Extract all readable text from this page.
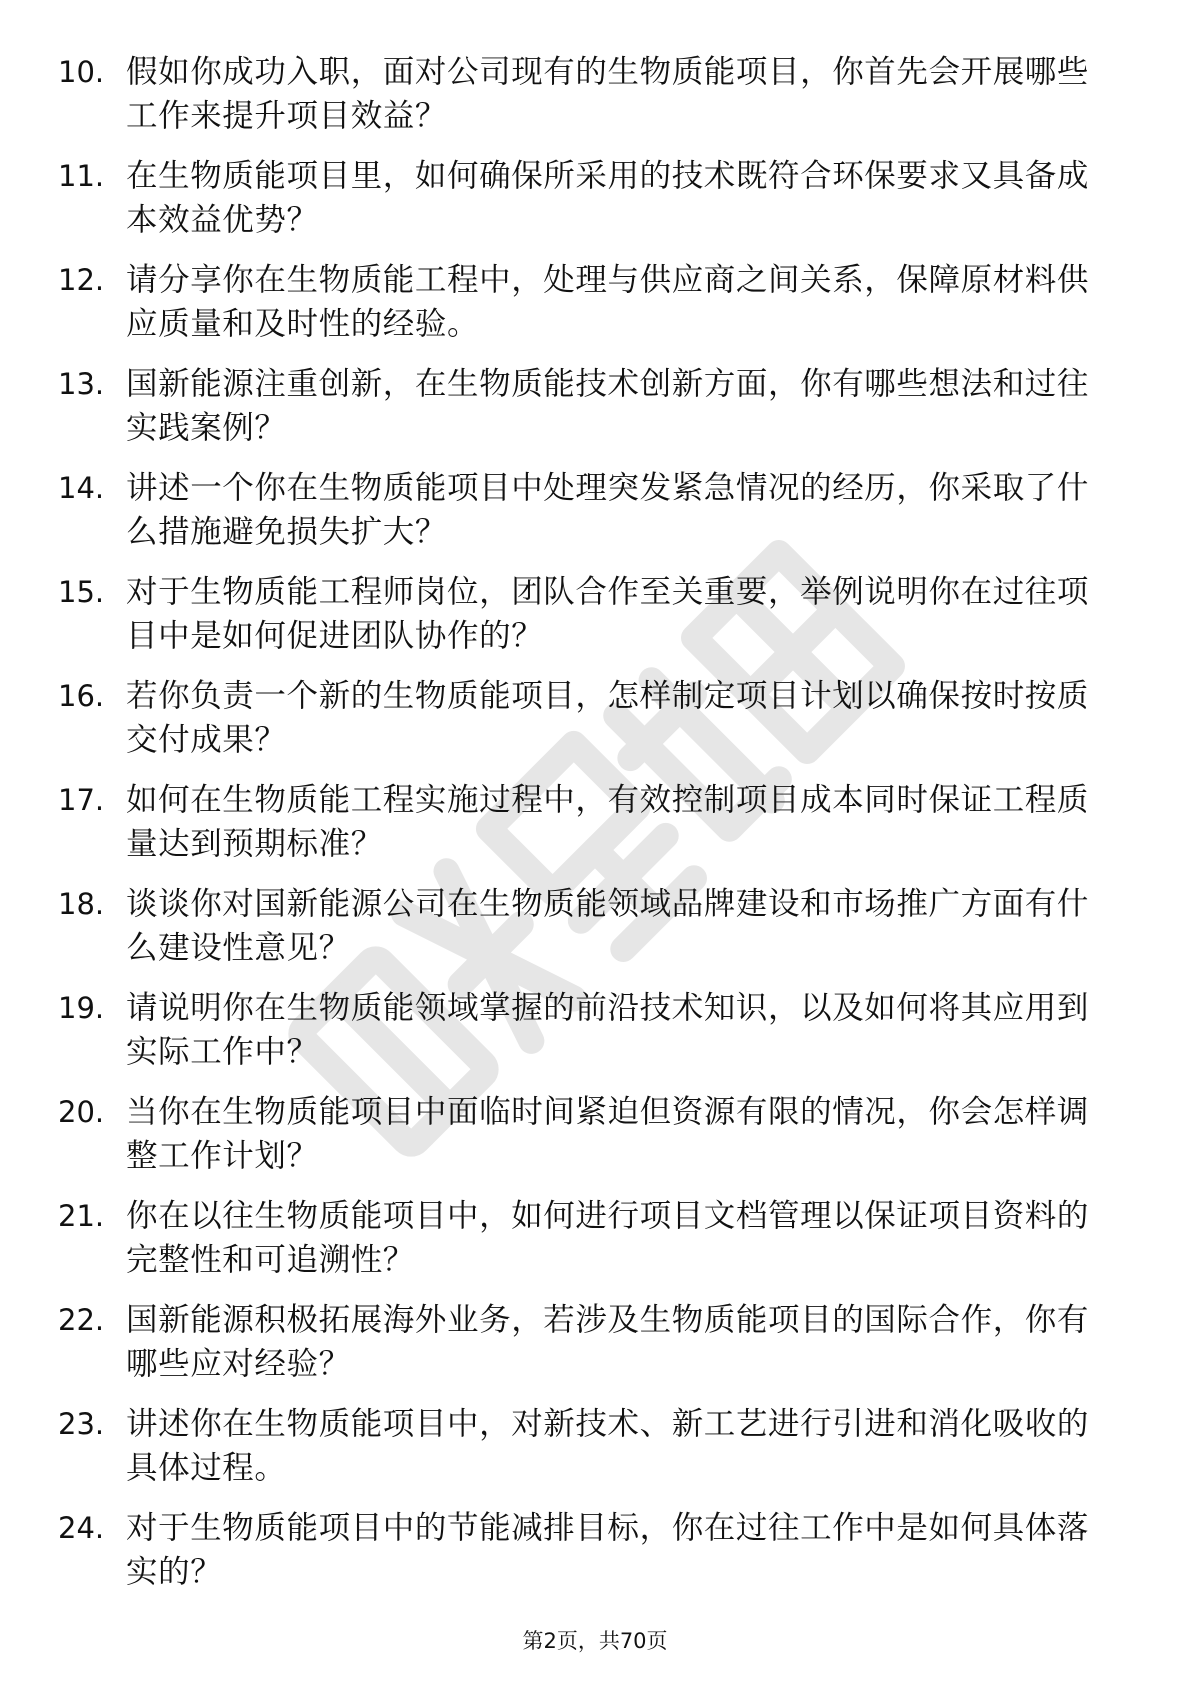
10. 假如你成功入职，面对公司现有的生物质能项目，你首先会开展哪些工作来提升项目效益？
11. 在生物质能项目里，如何确保所采用的技术既符合环保要求又具备成本效益优势？
12. 请分享你在生物质能工程中，处理与供应商之间关系，保障原材料供应质量和及时性的经验。
13. 国新能源注重创新，在生物质能技术创新方面，你有哪些想法和过往实践案例？
14. 讲述一个你在生物质能项目中处理突发紧急情况的经历，你采取了什么措施避免损失扩大？
15. 对于生物质能工程师岗位，团队合作至关重要，举例说明你在过往项目中是如何促进团队协作的？
16. 若你负责一个新的生物质能项目，怎样制定项目计划以确保按时按质交付成果？
17. 如何在生物质能工程实施过程中，有效控制项目成本同时保证工程质量达到预期标准？
18. 谈谈你对国新能源公司在生物质能领域品牌建设和市场推广方面有什么建设性意见？
19. 请说明你在生物质能领域掌握的前沿技术知识，以及如何将其应用到实际工作中？
20. 当你在生物质能项目中面临时间紧迫但资源有限的情况，你会怎样调整工作计划？
21. 你在以往生物质能项目中，如何进行项目文档管理以保证项目资料的完整性和可追溯性？
22. 国新能源积极拓展海外业务，若涉及生物质能项目的国际合作，你有哪些应对经验？
23. 讲述你在生物质能项目中，对新技术、新工艺进行引进和消化吸收的具体过程。
24. 对于生物质能项目中的节能减排目标，你在过往工作中是如何具体落实的？
第2页，共70页
